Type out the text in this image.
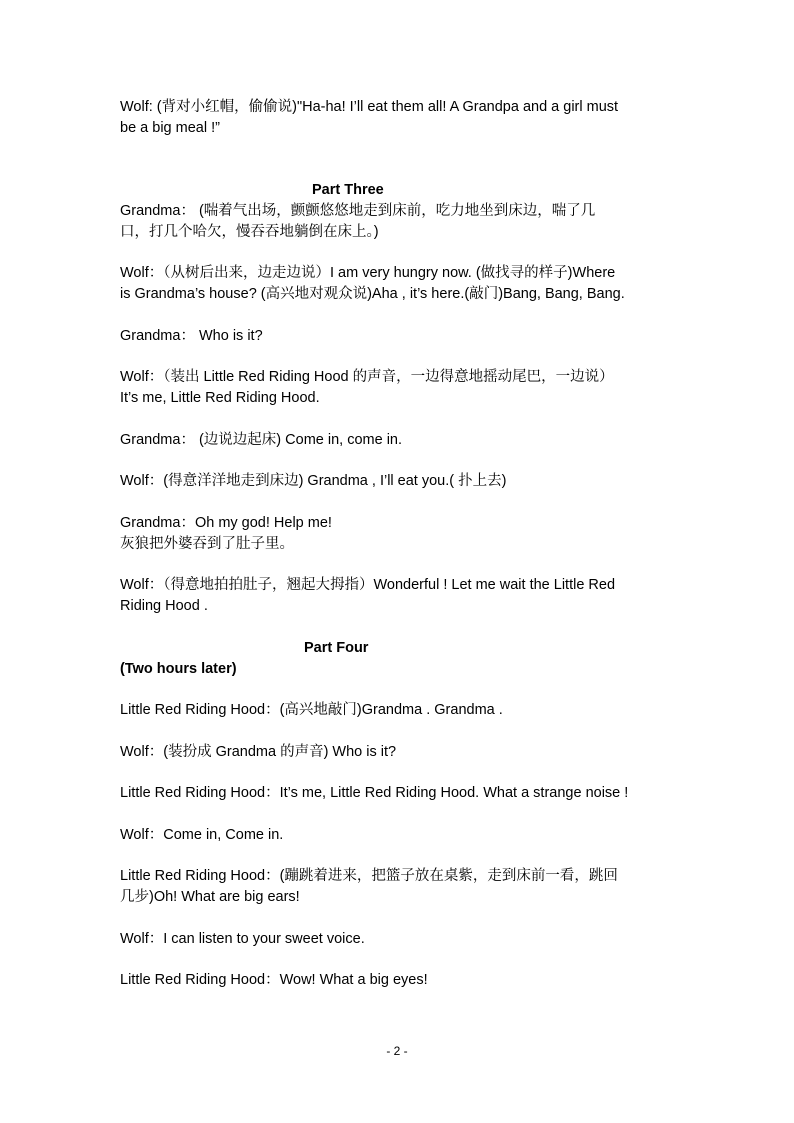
Wolf: (背对小红帽，偷偷说)"Ha-ha! I’ll eat them all! A Grandpa and a girl must
be a big meal !”
Part Three
Grandma： (喘着气出场，颤颤悠悠地走到床前，吃力地坐到床边，喘了几
口，打几个哈欠，慢吞吞地躺倒在床上。)
Wolf：（从树后出来，边走边说）I am very hungry now. (做找寻的样子)Where
is Grandma’s house? (高兴地对观众说)Aha , it’s here.(敲门)Bang, Bang, Bang.
Grandma： Who is it?
Wolf：（装出 Little Red Riding Hood 的声音，一边得意地摇动尾巴，一边说）
It’s me, Little Red Riding Hood.
Grandma： (边说边起床) Come in, come in.
Wolf：(得意洋洋地走到床边) Grandma , I’ll eat you.( 扑上去)
Grandma：Oh my god! Help me!
灰狼把外婆吞到了肚子里。
Wolf：（得意地拍拍肚子，翘起大拇指）Wonderful ! Let me wait the Little Red
Riding Hood .
Part Four
(Two hours later)
Little Red Riding Hood：(高兴地敲门)Grandma . Grandma .
Wolf：(装扮成 Grandma 的声音) Who is it?
Little Red Riding Hood：It’s me, Little Red Riding Hood. What a strange noise !
Wolf：Come in, Come in.
Little Red Riding Hood：(蹦跳着进来，把篮子放在桌紫，走到床前一看，跳回
几步)Oh! What are big ears!
Wolf：I can listen to your sweet voice.
Little Red Riding Hood：Wow! What a big eyes!
- 2 -
